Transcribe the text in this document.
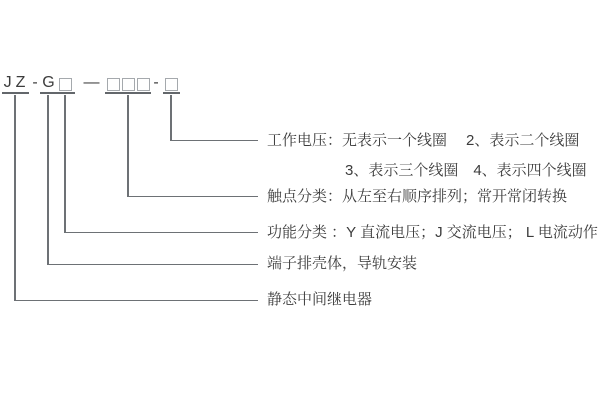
JZ - G —	-
工作电压：无表示一个线圈 2、表示二个线圈
3、表示三个线圈 4、表示四个线圈
触点分类：从左至右顺序排列；常开常闭转换
功能分类 ：Y 直流电压；J 交流电压； L 电流动作
端子排壳体，导轨安装
静态中间继电器
